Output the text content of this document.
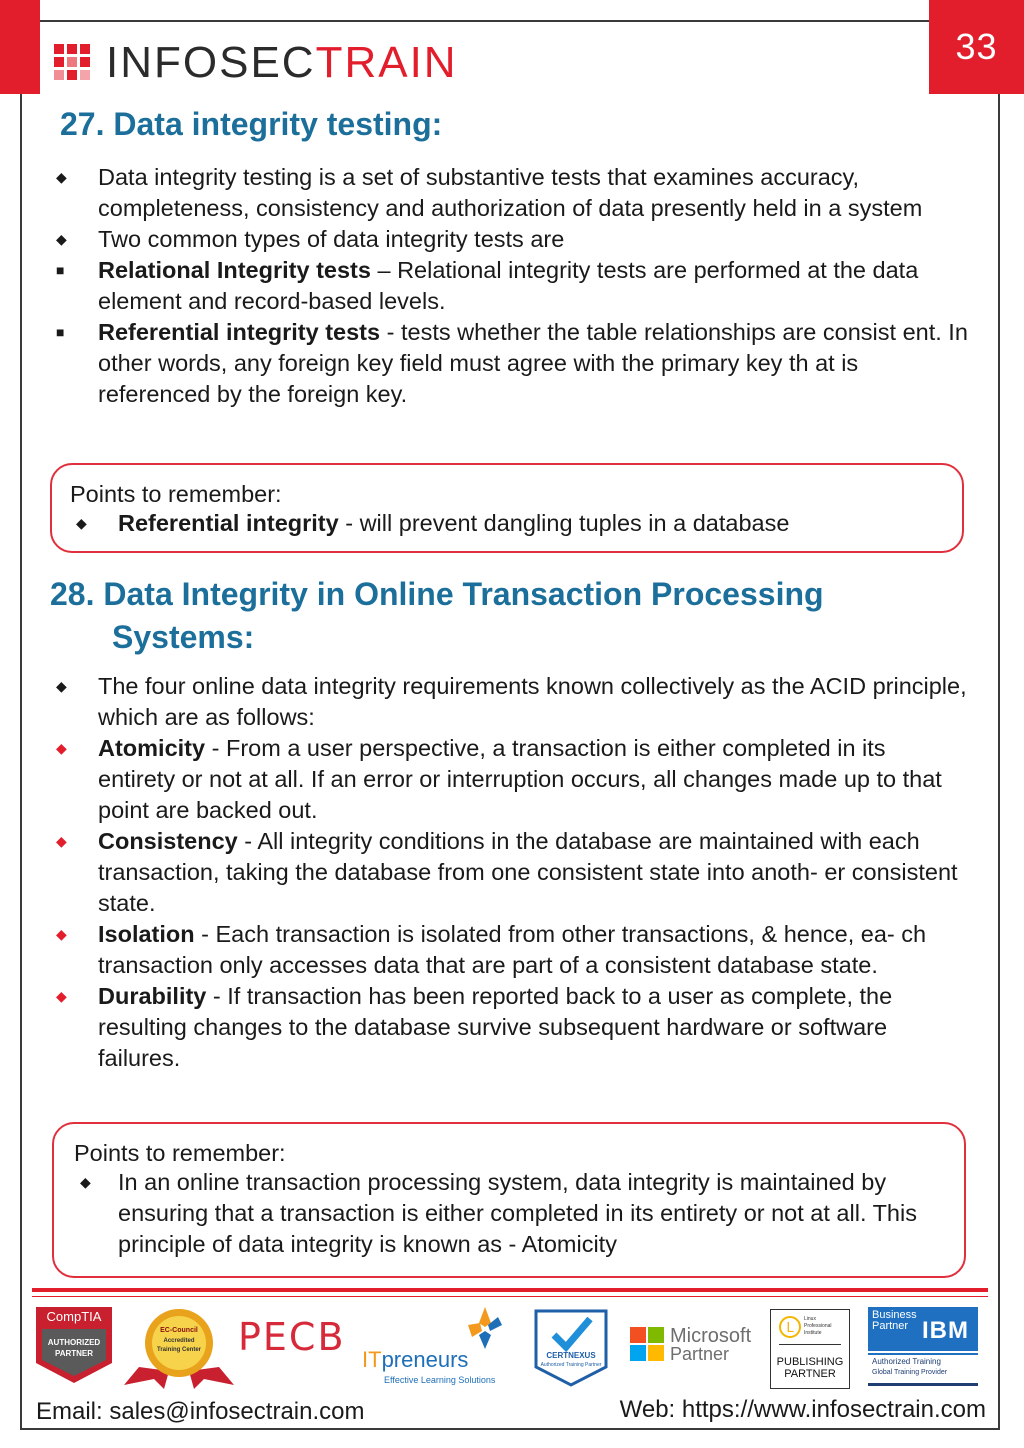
33
INFOSECTRAIN
27. Data integrity testing:
◆
Data integrity testing is a set of substantive tests that examines accuracy, completeness, consistency and authorization of data presently held in a system
◆
Two common types of data integrity tests are
■
Relational Integrity tests – Relational integrity tests are performed at the data element and record-based levels.
■
Referential integrity tests - tests whether the table relationships are consist ent. In other words, any foreign key field must agree with the primary key th at is referenced by the foreign key.
Points to remember:
◆
Referential integrity - will prevent dangling tuples in a database
28. Data Integrity in Online Transaction Processing
Systems:
◆
The four online data integrity requirements known collectively as the ACID principle, which are as follows:
◆
Atomicity - From a user perspective, a transaction is either completed in its entirety or not at all. If an error or interruption occurs, all changes made up to that point are backed out.
◆
Consistency - All integrity conditions in the database are maintained with each transaction, taking the database from one consistent state into anoth- er consistent state.
◆
Isolation - Each transaction is isolated from other transactions, & hence, ea- ch transaction only accesses data that are part of a consistent database state.
◆
Durability - If transaction has been reported back to a user as complete, the resulting changes to the database survive subsequent hardware or software failures.
Points to remember:
◆
In an online transaction processing system, data integrity is maintained by ensuring that a transaction is either completed in its entirety or not at all. This principle of data integrity is known as - Atomicity
CompTIA
AUTHORIZED
PARTNER
EC-Council
Accredited
Training Center PECB
ITpreneurs
Effective Learning Solutions
CERTNEXUS
Authorized Training Partner
Microsoft
Partner
L
Linux
Professional
Institute
PUBLISHING
PARTNER
Business
Partner IBM
Authorized Training
Global Training Provider
Email: sales@infosectrain.com	Web: https://www.infosectrain.com
